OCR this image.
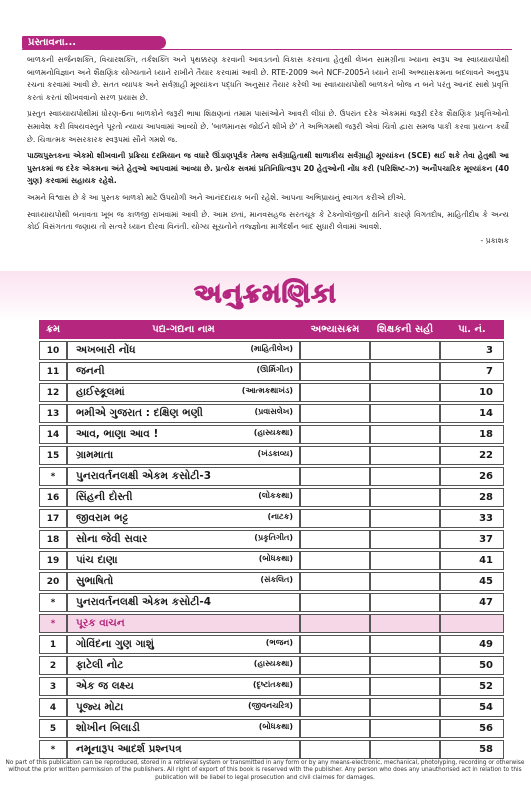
પ્રસ્તાવના...

બાળકની સર્જનશક્તિ, વિચારશક્તિ, તર્કશક્તિ અને પૃથક્કરણ કરવાની આવડતનો વિકાસ કરવાના હેતુથી લેખન સામગ્રીના ખ્યાના સ્વરૂપ આ સ્વાધ્યાયપોથી બાળમનોવિજ્ઞાન અને શૈક્ષણિક યોગ્યતાને ધ્યાને રાખીને તૈયાર કરવામાં આવી છે. RTE-2009 અને NCF-2005ને ધ્યાને રાખી અભ્યાસક્રમના બદલાવને અનુરૂપ રચના કરવામાં આવી છે. સતત વ્યાપક અને સર્વગ્રાહી મૂલ્યાંકન પદ્ધતિ અનુસાર તૈયાર કરેલી આ સ્વાધ્યાયપોથી બાળકને બોજ ન બને પરંતુ આનંદ સાથે પ્રવૃત્તિ કરતાં કરતાં શીખવવાનો સરળ પ્રયાસ છે.

પ્રસ્તુત સ્વાધ્યાયપોથીમાં ધોરણ-6ના બાળકોને જરૂરી ભાષા શિક્ષણનાં તમામ પાસાંઓને આવરી લીધાં છે. ઉપરાંત દરેક એકમમાં જરૂરી દરેક શૈક્ષણિક પ્રવૃત્તિઓનો સમાવેશ કરી વિષયવસ્તુને પૂરતો ન્યાય આપવામાં આવ્યો છે. 'બાળમાનસ જોઈને શીખે છે' તે અભિગમથી જરૂરી એવાં ચિત્રો દ્વારા સમજ પાકી કરવા પ્રયત્ન કર્યો છે. ચિત્રાત્મક અસરકારક સ્વરૂપમાં સૌને ગમશે જ.

પાઠ્યપુસ્તકના એકમો શીખવાની પ્રક્રિયા દરમિયાન જ વધારે ઊંડાણપૂર્વક તેમજ સર્વગ્રાહિતાથી શાળાકીય સર્વગ્રાહી મૂલ્યાંકન (SCE) થઈ શકે તેવા હેતુથી આ પુસ્તકમાં જ દરેક એકમના અંતે હેતુઓ આપવામાં આવ્યા છે. પ્રત્યેક સત્રમાં પ્રતિનિધિત્વરૂપ 20 હેતુઓની નોંધ કરી (પરિશિષ્ટ-ઝ) અનૌપચારિક મૂલ્યાંકન (40 ગુણ) કરવામાં સહાયક રહેશે.

અમને વિશ્વાસ છે કે આ પુસ્તક બાળકો માટે ઉપયોગી અને આનંદદાયક બની રહેશે. આપના અભિપ્રાયનું સ્વાગત કરીએ છીએ.

સ્વાધ્યાયપોથી બનાવતા ખૂબ જ કાળજી રાખવામાં આવી છે. આમ છતાં, માનવસહજ સરતચૂક કે ટેક્નોલૉજીની ક્ષતિને કારણે વિગતદોષ, માહિતીદોષ કે અન્ય કોઈ વિસંગતતા જણાય તો સત્વરે ધ્યાન દોરવા વિનંતી. યોગ્ય સૂચનોને તજ્જ્ઞોના માર્ગદર્શન બાદ સુધારી લેવામાં આવશે.

- પ્રકાશક
અનુક્રમણિકા
ક્રમ	પદ્ય-ગદ્યના નામ	અભ્યાસક્રમ	શિક્ષકની સહી	પા. નં.
10	અખબારી નોંધ (માહિતીલેખ)			3
11	જનની (ઊર્મિગીત)			7
12	હાઈસ્કૂલમાં (આત્મકથાખંડ)			10
13	ભમીએ ગુજરાત : દક્ષિણ ભણી (પ્રવાસલેખ)			14
14	આવ, ભાણા આવ ! (હાસ્યકથા)			18
15	ગ્રામમાતા (ખંડકાવ્ય)			22
*	પુનરાવર્તનલક્ષી એકમ કસોટી-3			26
16	સિંહની દોસ્તી (લોકકથા)			28
17	જીવરામ ભટ્ટ (નાટક)			33
18	સોના જેવી સવાર (પ્રકૃતિગીત)			37
19	પાંચ દાણા (બોધકથા)			41
20	સુભાષિતો (સંકલિત)			45
*	પુનરાવર્તનલક્ષી એકમ કસોટી-4			47
*	પૂરક વાચન			
1	ગોવિંદના ગુણ ગાશું (ભજન)			49
2	ફાટેલી નોટ (હાસ્યકથા)			50
3	એક જ લક્ષ્ય (દૃષ્ટાંતકથા)			52
4	પૂજ્ય મોટા (જીવનચરિત્ર)			54
5	શોખીન બિલાડી (બોધકથા)			56
*	નમૂનારૂપ આદર્શ પ્રશ્નપત્ર			58
No part of this publication can be reproduced, stored in a retrieval system or transmitted in any form or by any means-electronic, mechanical, photolyping, recording or otherwise without the prior written permission of the publishers. All right of export of this book is reserved with the publisher. Any person who does any unauthorised act in relation to this publication will be liabel to legal prosecution and civil claimes for damages.
